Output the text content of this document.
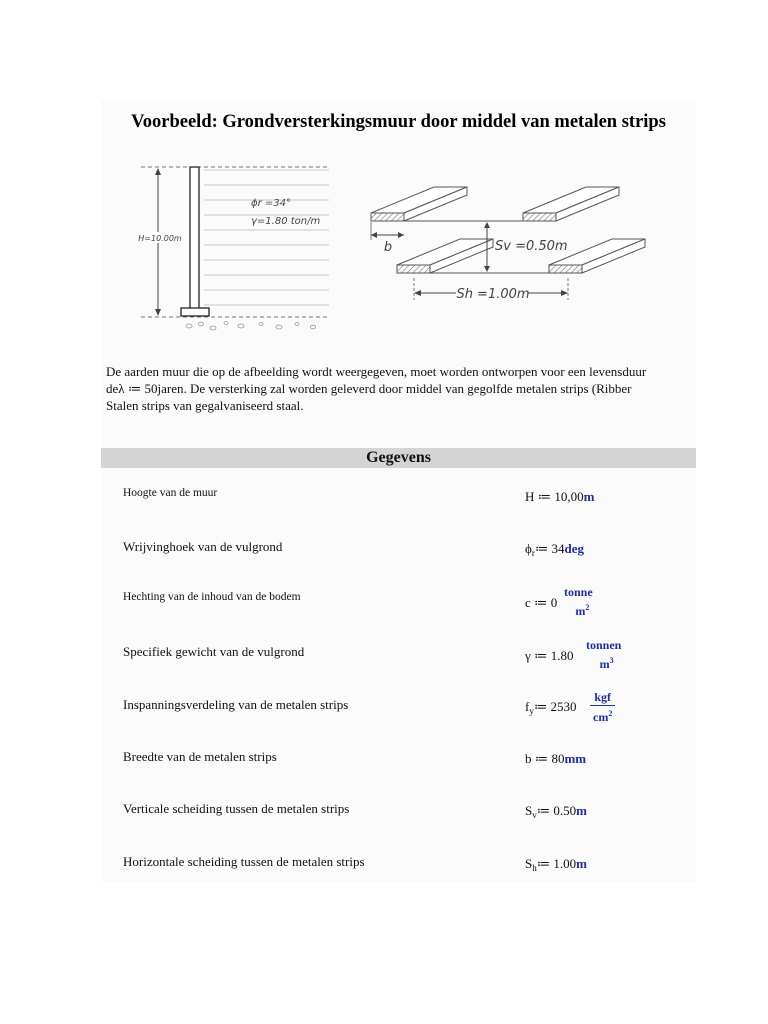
Voorbeeld: Grondversterkingsmuur door middel van metalen strips
H=10.00m
ϕr =34°
γ=1.80 ton/m
b	Sv =0.50m
Sh =1.00m

De aarden muur die op de afbeelding wordt weergegeven, moet worden ontworpen voor een levensduur

deλ ≔ 50jaren. De versterking zal worden geleverd door middel van gegolfde metalen strips (Ribber

Stalen strips van gegalvaniseerd staal.

Gegevens
Hoogte van de muur	H ≔ 10,00m
Wrijvinghoek van de vulgrond	$\phi_r≔$ 34deg
Hechting van de inhoud van de bodem	c ≔ 0
tonne
$m^2$
Specifiek gewicht van de vulgrond	γ ≔ 1.80
tonnen
$m^3$
Inspanningsverdeling van de metalen strips	$f_y≔$ 2530
kgf
$cm^2$
Breedte van de metalen strips	b ≔ 80mm
Verticale scheiding tussen de metalen strips	$S_v≔$ 0.50m
Horizontale scheiding tussen de metalen strips	$S_h≔$ 1.00m
